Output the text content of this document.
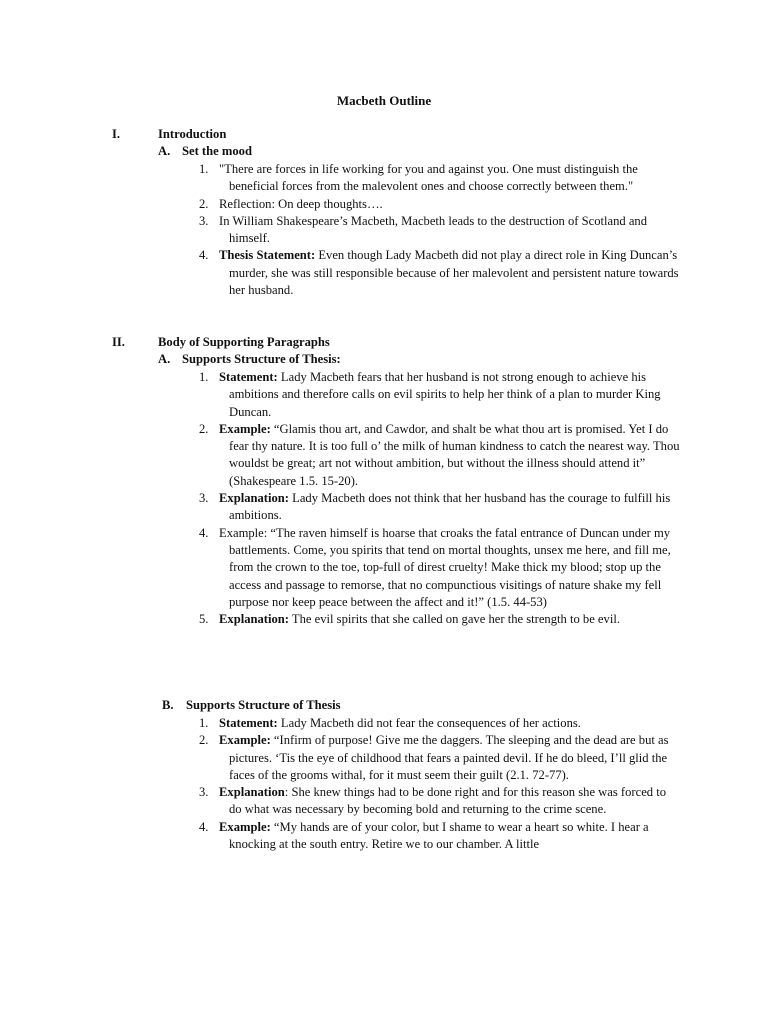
Macbeth Outline
I.	Introduction
A. Set the mood

1. "There are forces in life working for you and against you. One must distinguish the beneficial forces from the malevolent ones and choose correctly between them."

2. Reflection: On deep thoughts….

3. In William Shakespeare’s Macbeth, Macbeth leads to the destruction of Scotland and himself.

4. Thesis Statement: Even though Lady Macbeth did not play a direct role in King Duncan’s murder, she was still responsible because of her malevolent and persistent nature towards her husband.

II.	Body of Supporting Paragraphs
A. Supports Structure of Thesis:

1. Statement: Lady Macbeth fears that her husband is not strong enough to achieve his ambitions and therefore calls on evil spirits to help her think of a plan to murder King Duncan.

2. Example: “Glamis thou art, and Cawdor, and shalt be what thou art is promised. Yet I do fear thy nature. It is too full o’ the milk of human kindness to catch the nearest way. Thou wouldst be great; art not without ambition, but without the illness should attend it” (Shakespeare 1.5. 15-20).

3. Explanation: Lady Macbeth does not think that her husband has the courage to fulfill his ambitions.

4. Example: “The raven himself is hoarse that croaks the fatal entrance of Duncan under my battlements. Come, you spirits that tend on mortal thoughts, unsex me here, and fill me, from the crown to the toe, top-full of direst cruelty! Make thick my blood; stop up the access and passage to remorse, that no compunctious visitings of nature shake my fell purpose nor keep peace between the affect and it!” (1.5. 44-53)

5. Explanation: The evil spirits that she called on gave her the strength to be evil.

B. Supports Structure of Thesis

1. Statement: Lady Macbeth did not fear the consequences of her actions.

2. Example: “Infirm of purpose! Give me the daggers. The sleeping and the dead are but as pictures. ‘Tis the eye of childhood that fears a painted devil. If he do bleed, I’ll glid the faces of the grooms withal, for it must seem their guilt (2.1. 72-77).

3. Explanation: She knew things had to be done right and for this reason she was forced to do what was necessary by becoming bold and returning to the crime scene.

4. Example: “My hands are of your color, but I shame to wear a heart so white. I hear a knocking at the south entry. Retire we to our chamber. A little
